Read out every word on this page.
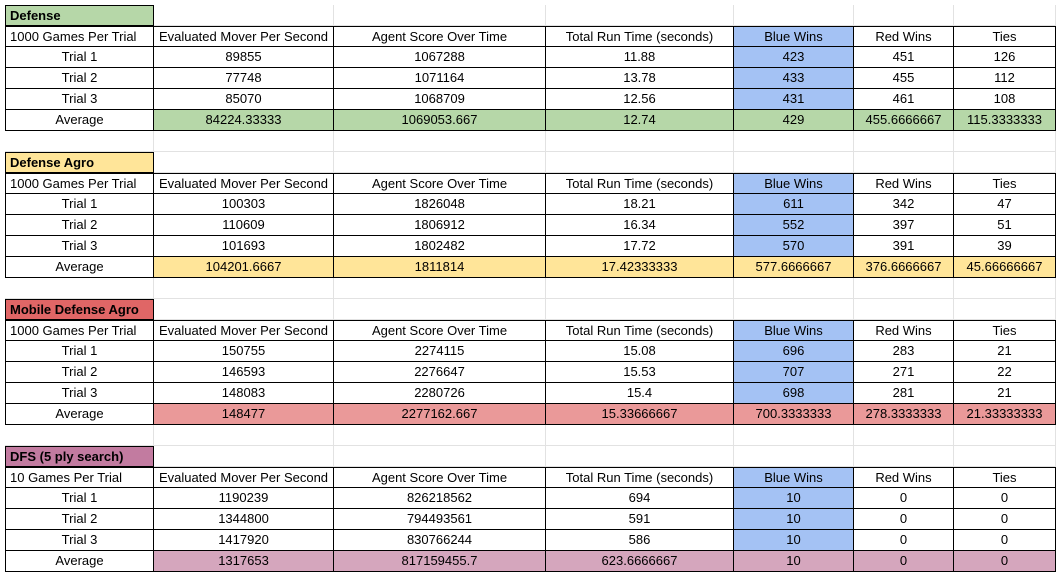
Defense
1000 Games Per Trial	Evaluated Mover Per Second	Agent Score Over Time	Total Run Time (seconds)	Blue Wins	Red Wins	Ties
Trial 1	89855	1067288	11.88	423	451	126
Trial 2	77748	1071164	13.78	433	455	112
Trial 3	85070	1068709	12.56	431	461	108
Average	84224.33333	1069053.667	12.74	429	455.6666667	115.3333333
Defense Agro
1000 Games Per Trial	Evaluated Mover Per Second	Agent Score Over Time	Total Run Time (seconds)	Blue Wins	Red Wins	Ties
Trial 1	100303	1826048	18.21	611	342	47
Trial 2	110609	1806912	16.34	552	397	51
Trial 3	101693	1802482	17.72	570	391	39
Average	104201.6667	1811814	17.42333333	577.6666667	376.6666667	45.66666667
Mobile Defense Agro
1000 Games Per Trial	Evaluated Mover Per Second	Agent Score Over Time	Total Run Time (seconds)	Blue Wins	Red Wins	Ties
Trial 1	150755	2274115	15.08	696	283	21
Trial 2	146593	2276647	15.53	707	271	22
Trial 3	148083	2280726	15.4	698	281	21
Average	148477	2277162.667	15.33666667	700.3333333	278.3333333	21.33333333
DFS (5 ply search)
10 Games Per Trial	Evaluated Mover Per Second	Agent Score Over Time	Total Run Time (seconds)	Blue Wins	Red Wins	Ties
Trial 1	1190239	826218562	694	10	0	0
Trial 2	1344800	794493561	591	10	0	0
Trial 3	1417920	830766244	586	10	0	0
Average	1317653	817159455.7	623.6666667	10	0	0
